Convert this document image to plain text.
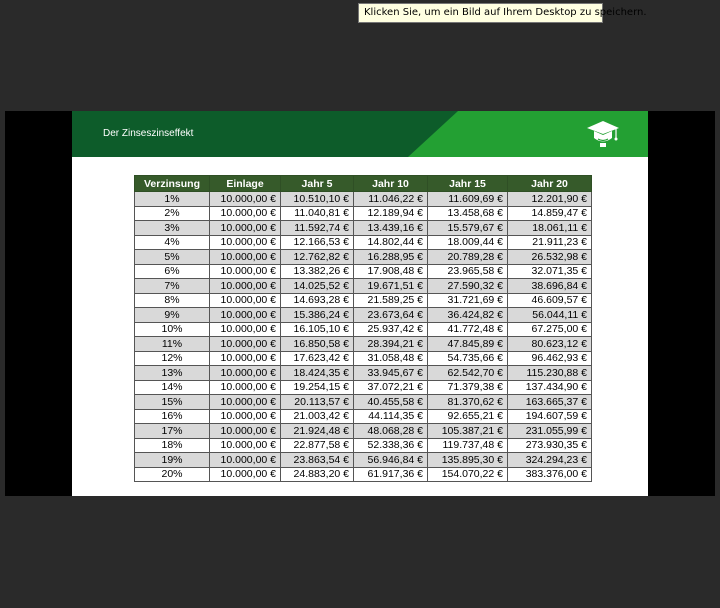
Klicken Sie, um ein Bild auf Ihrem Desktop zu speichern.
Der Zinseszinseffekt
Verzinsung	Einlage	Jahr 5	Jahr 10	Jahr 15	Jahr 20
1%	10.000,00 €	10.510,10 €	11.046,22 €	11.609,69 €	12.201,90 €
2%	10.000,00 €	11.040,81 €	12.189,94 €	13.458,68 €	14.859,47 €
3%	10.000,00 €	11.592,74 €	13.439,16 €	15.579,67 €	18.061,11 €
4%	10.000,00 €	12.166,53 €	14.802,44 €	18.009,44 €	21.911,23 €
5%	10.000,00 €	12.762,82 €	16.288,95 €	20.789,28 €	26.532,98 €
6%	10.000,00 €	13.382,26 €	17.908,48 €	23.965,58 €	32.071,35 €
7%	10.000,00 €	14.025,52 €	19.671,51 €	27.590,32 €	38.696,84 €
8%	10.000,00 €	14.693,28 €	21.589,25 €	31.721,69 €	46.609,57 €
9%	10.000,00 €	15.386,24 €	23.673,64 €	36.424,82 €	56.044,11 €
10%	10.000,00 €	16.105,10 €	25.937,42 €	41.772,48 €	67.275,00 €
11%	10.000,00 €	16.850,58 €	28.394,21 €	47.845,89 €	80.623,12 €
12%	10.000,00 €	17.623,42 €	31.058,48 €	54.735,66 €	96.462,93 €
13%	10.000,00 €	18.424,35 €	33.945,67 €	62.542,70 €	115.230,88 €
14%	10.000,00 €	19.254,15 €	37.072,21 €	71.379,38 €	137.434,90 €
15%	10.000,00 €	20.113,57 €	40.455,58 €	81.370,62 €	163.665,37 €
16%	10.000,00 €	21.003,42 €	44.114,35 €	92.655,21 €	194.607,59 €
17%	10.000,00 €	21.924,48 €	48.068,28 €	105.387,21 €	231.055,99 €
18%	10.000,00 €	22.877,58 €	52.338,36 €	119.737,48 €	273.930,35 €
19%	10.000,00 €	23.863,54 €	56.946,84 €	135.895,30 €	324.294,23 €
20%	10.000,00 €	24.883,20 €	61.917,36 €	154.070,22 €	383.376,00 €
